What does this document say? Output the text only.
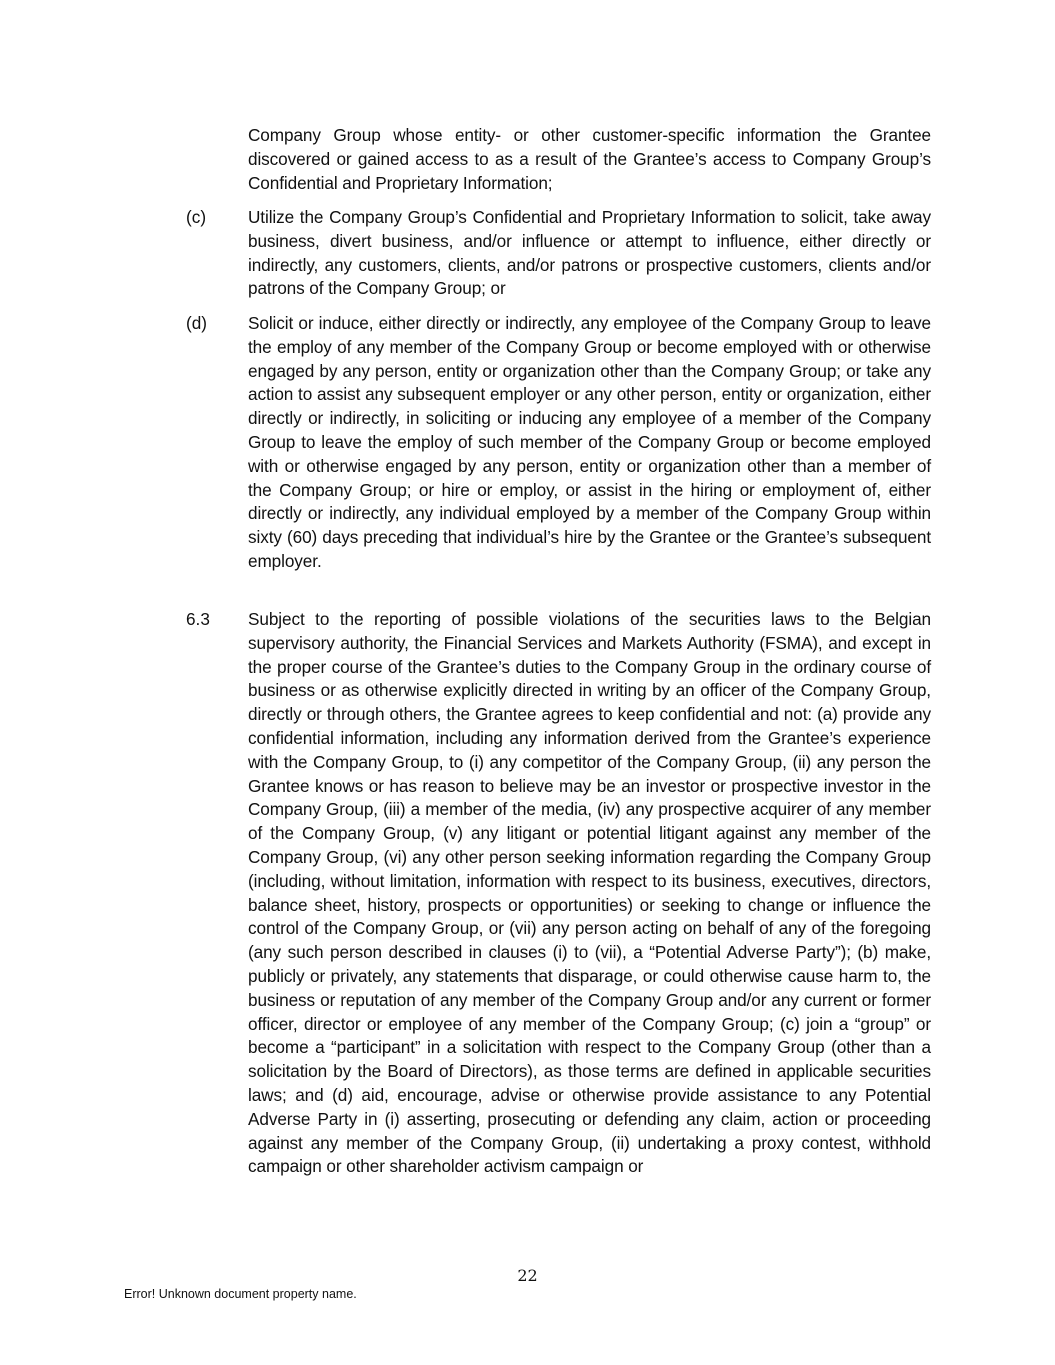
Company Group whose entity- or other customer-specific information the Grantee discovered or gained access to as a result of the Grantee’s access to Company Group’s Confidential and Proprietary Information;
(c) Utilize the Company Group’s Confidential and Proprietary Information to solicit, take away business, divert business, and/or influence or attempt to influence, either directly or indirectly, any customers, clients, and/or patrons or prospective customers, clients and/or patrons of the Company Group; or
(d) Solicit or induce, either directly or indirectly, any employee of the Company Group to leave the employ of any member of the Company Group or become employed with or otherwise engaged by any person, entity or organization other than the Company Group; or take any action to assist any subsequent employer or any other person, entity or organization, either directly or indirectly, in soliciting or inducing any employee of a member of the Company Group to leave the employ of such member of the Company Group or become employed with or otherwise engaged by any person, entity or organization other than a member of the Company Group; or hire or employ, or assist in the hiring or employment of, either directly or indirectly, any individual employed by a member of the Company Group within sixty (60) days preceding that individual’s hire by the Grantee or the Grantee’s subsequent employer.
6.3 Subject to the reporting of possible violations of the securities laws to the Belgian supervisory authority, the Financial Services and Markets Authority (FSMA), and except in the proper course of the Grantee’s duties to the Company Group in the ordinary course of business or as otherwise explicitly directed in writing by an officer of the Company Group, directly or through others, the Grantee agrees to keep confidential and not: (a) provide any confidential information, including any information derived from the Grantee’s experience with the Company Group, to (i) any competitor of the Company Group, (ii) any person the Grantee knows or has reason to believe may be an investor or prospective investor in the Company Group, (iii) a member of the media, (iv) any prospective acquirer of any member of the Company Group, (v) any litigant or potential litigant against any member of the Company Group, (vi) any other person seeking information regarding the Company Group (including, without limitation, information with respect to its business, executives, directors, balance sheet, history, prospects or opportunities) or seeking to change or influence the control of the Company Group, or (vii) any person acting on behalf of any of the foregoing (any such person described in clauses (i) to (vii), a “Potential Adverse Party”); (b) make, publicly or privately, any statements that disparage, or could otherwise cause harm to, the business or reputation of any member of the Company Group and/or any current or former officer, director or employee of any member of the Company Group; (c) join a “group” or become a “participant” in a solicitation with respect to the Company Group (other than a solicitation by the Board of Directors), as those terms are defined in applicable securities laws; and (d) aid, encourage, advise or otherwise provide assistance to any Potential Adverse Party in (i) asserting, prosecuting or defending any claim, action or proceeding against any member of the Company Group, (ii) undertaking a proxy contest, withhold campaign or other shareholder activism campaign or
22
Error! Unknown document property name.
